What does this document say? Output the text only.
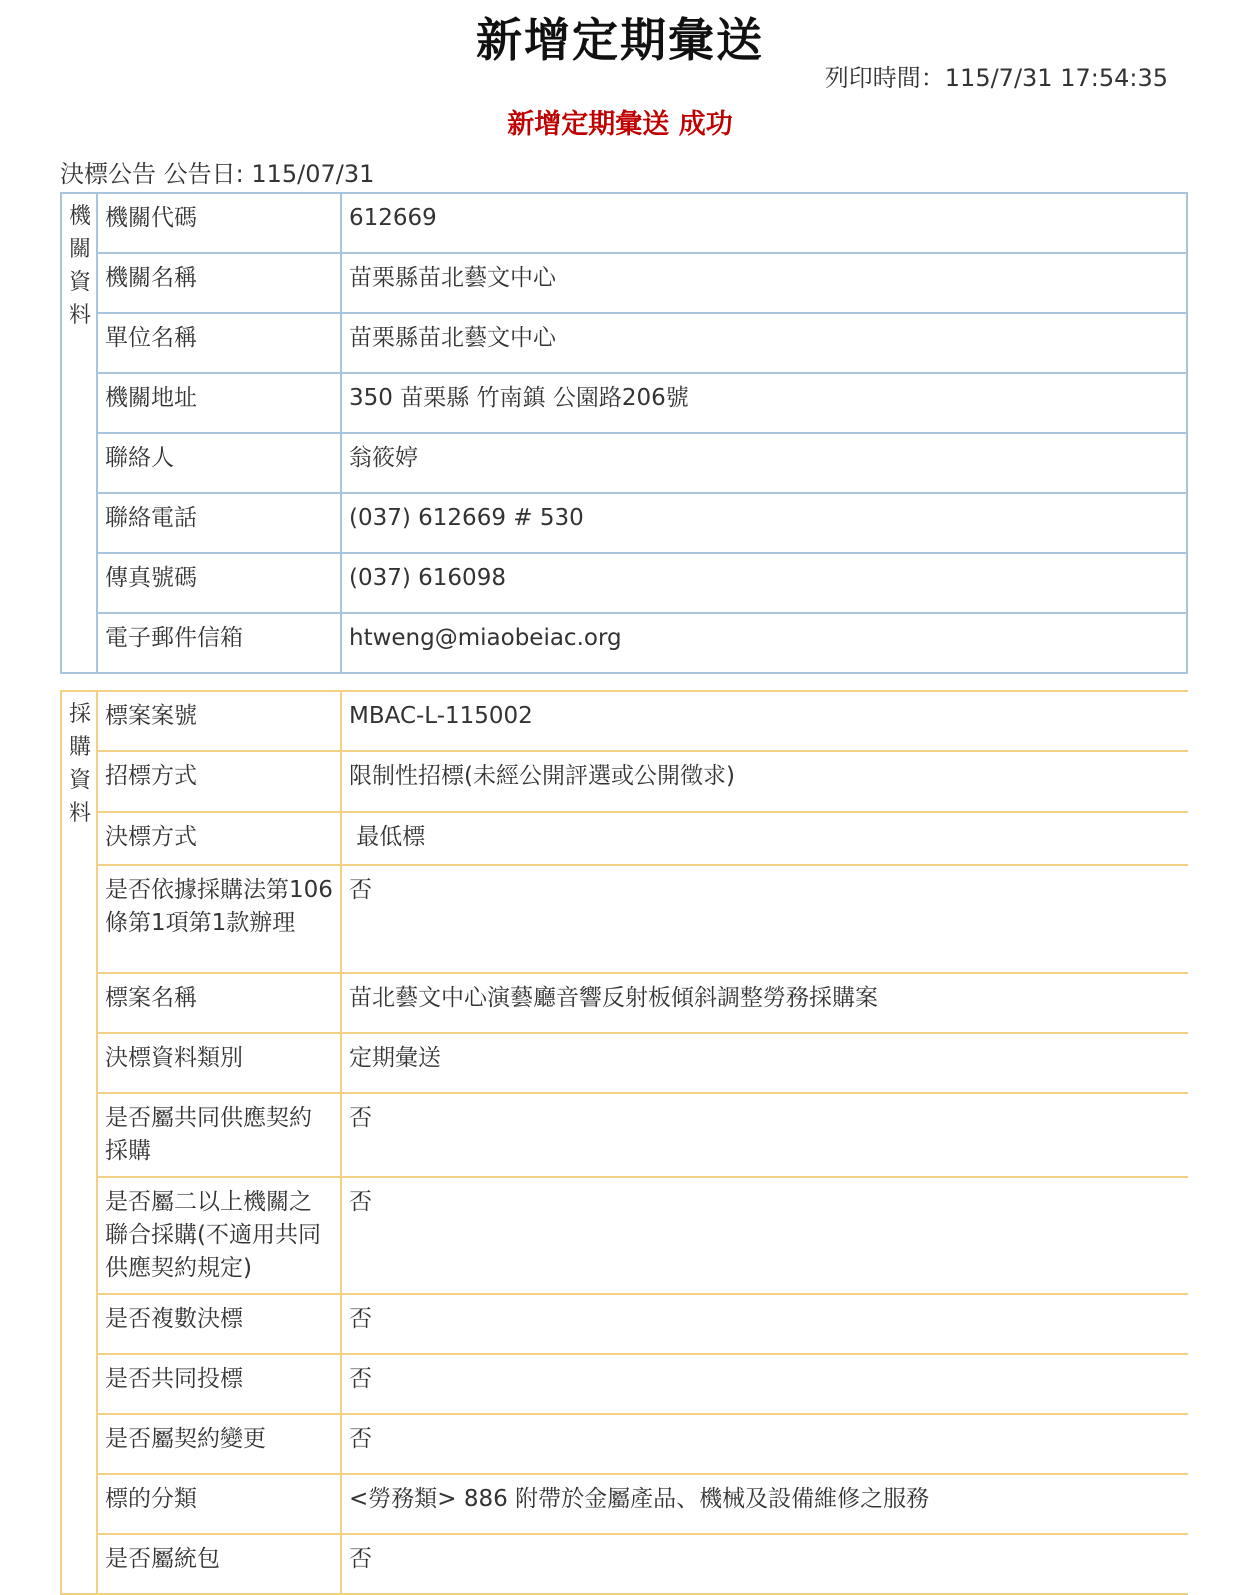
新增定期彙送
列印時間：115/7/31 17:54:35
新增定期彙送 成功
決標公告 公告日: 115/07/31
機關資料	機關代碼	612669
	機關名稱	苗栗縣苗北藝文中心
	單位名稱	苗栗縣苗北藝文中心
	機關地址	350 苗栗縣 竹南鎮 公園路206號
	聯絡人	翁筱婷
	聯絡電話	(037) 612669 # 530
	傳真號碼	(037) 616098
	電子郵件信箱	htweng@miaobeiac.org
採購資料	標案案號	MBAC-L-115002
	招標方式	限制性招標(未經公開評選或公開徵求)
	決標方式	最低標
	是否依據採購法第106條第1項第1款辦理	否
	標案名稱	苗北藝文中心演藝廳音響反射板傾斜調整勞務採購案
	決標資料類別	定期彙送
	是否屬共同供應契約採購	否
	是否屬二以上機關之聯合採購(不適用共同供應契約規定)	否
	是否複數決標	否
	是否共同投標	否
	是否屬契約變更	否
	標的分類	<勞務類> 886 附帶於金屬產品、機械及設備維修之服務
	是否屬統包	否
